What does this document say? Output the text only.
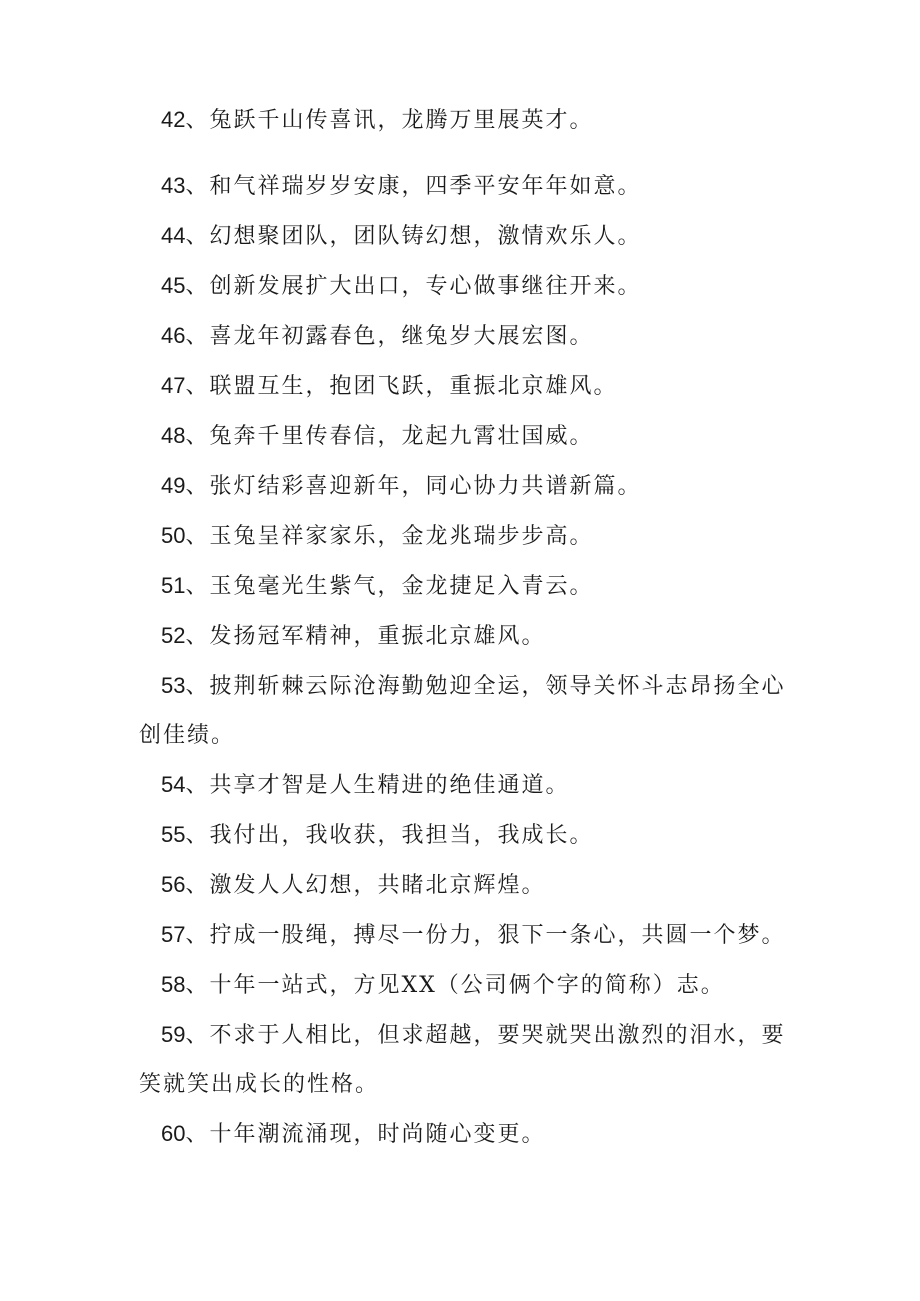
42、兔跃千山传喜讯，龙腾万里展英才。
43、和气祥瑞岁岁安康，四季平安年年如意。
44、幻想聚团队，团队铸幻想，激情欢乐人。
45、创新发展扩大出口，专心做事继往开来。
46、喜龙年初露春色，继兔岁大展宏图。
47、联盟互生，抱团飞跃，重振北京雄风。
48、兔奔千里传春信，龙起九霄壮国威。
49、张灯结彩喜迎新年，同心协力共谱新篇。
50、玉兔呈祥家家乐，金龙兆瑞步步高。
51、玉兔毫光生紫气，金龙捷足入青云。
52、发扬冠军精神，重振北京雄风。
53、披荆斩棘云际沧海勤勉迎全运，领导关怀斗志昂扬全心创佳绩。
54、共享才智是人生精进的绝佳通道。
55、我付出，我收获，我担当，我成长。
56、激发人人幻想，共睹北京辉煌。
57、拧成一股绳，搏尽一份力，狠下一条心，共圆一个梦。
58、十年一站式，方见XX（公司俩个字的简称）志。
59、不求于人相比，但求超越，要哭就哭出激烈的泪水，要笑就笑出成长的性格。
60、十年潮流涌现，时尚随心变更。
